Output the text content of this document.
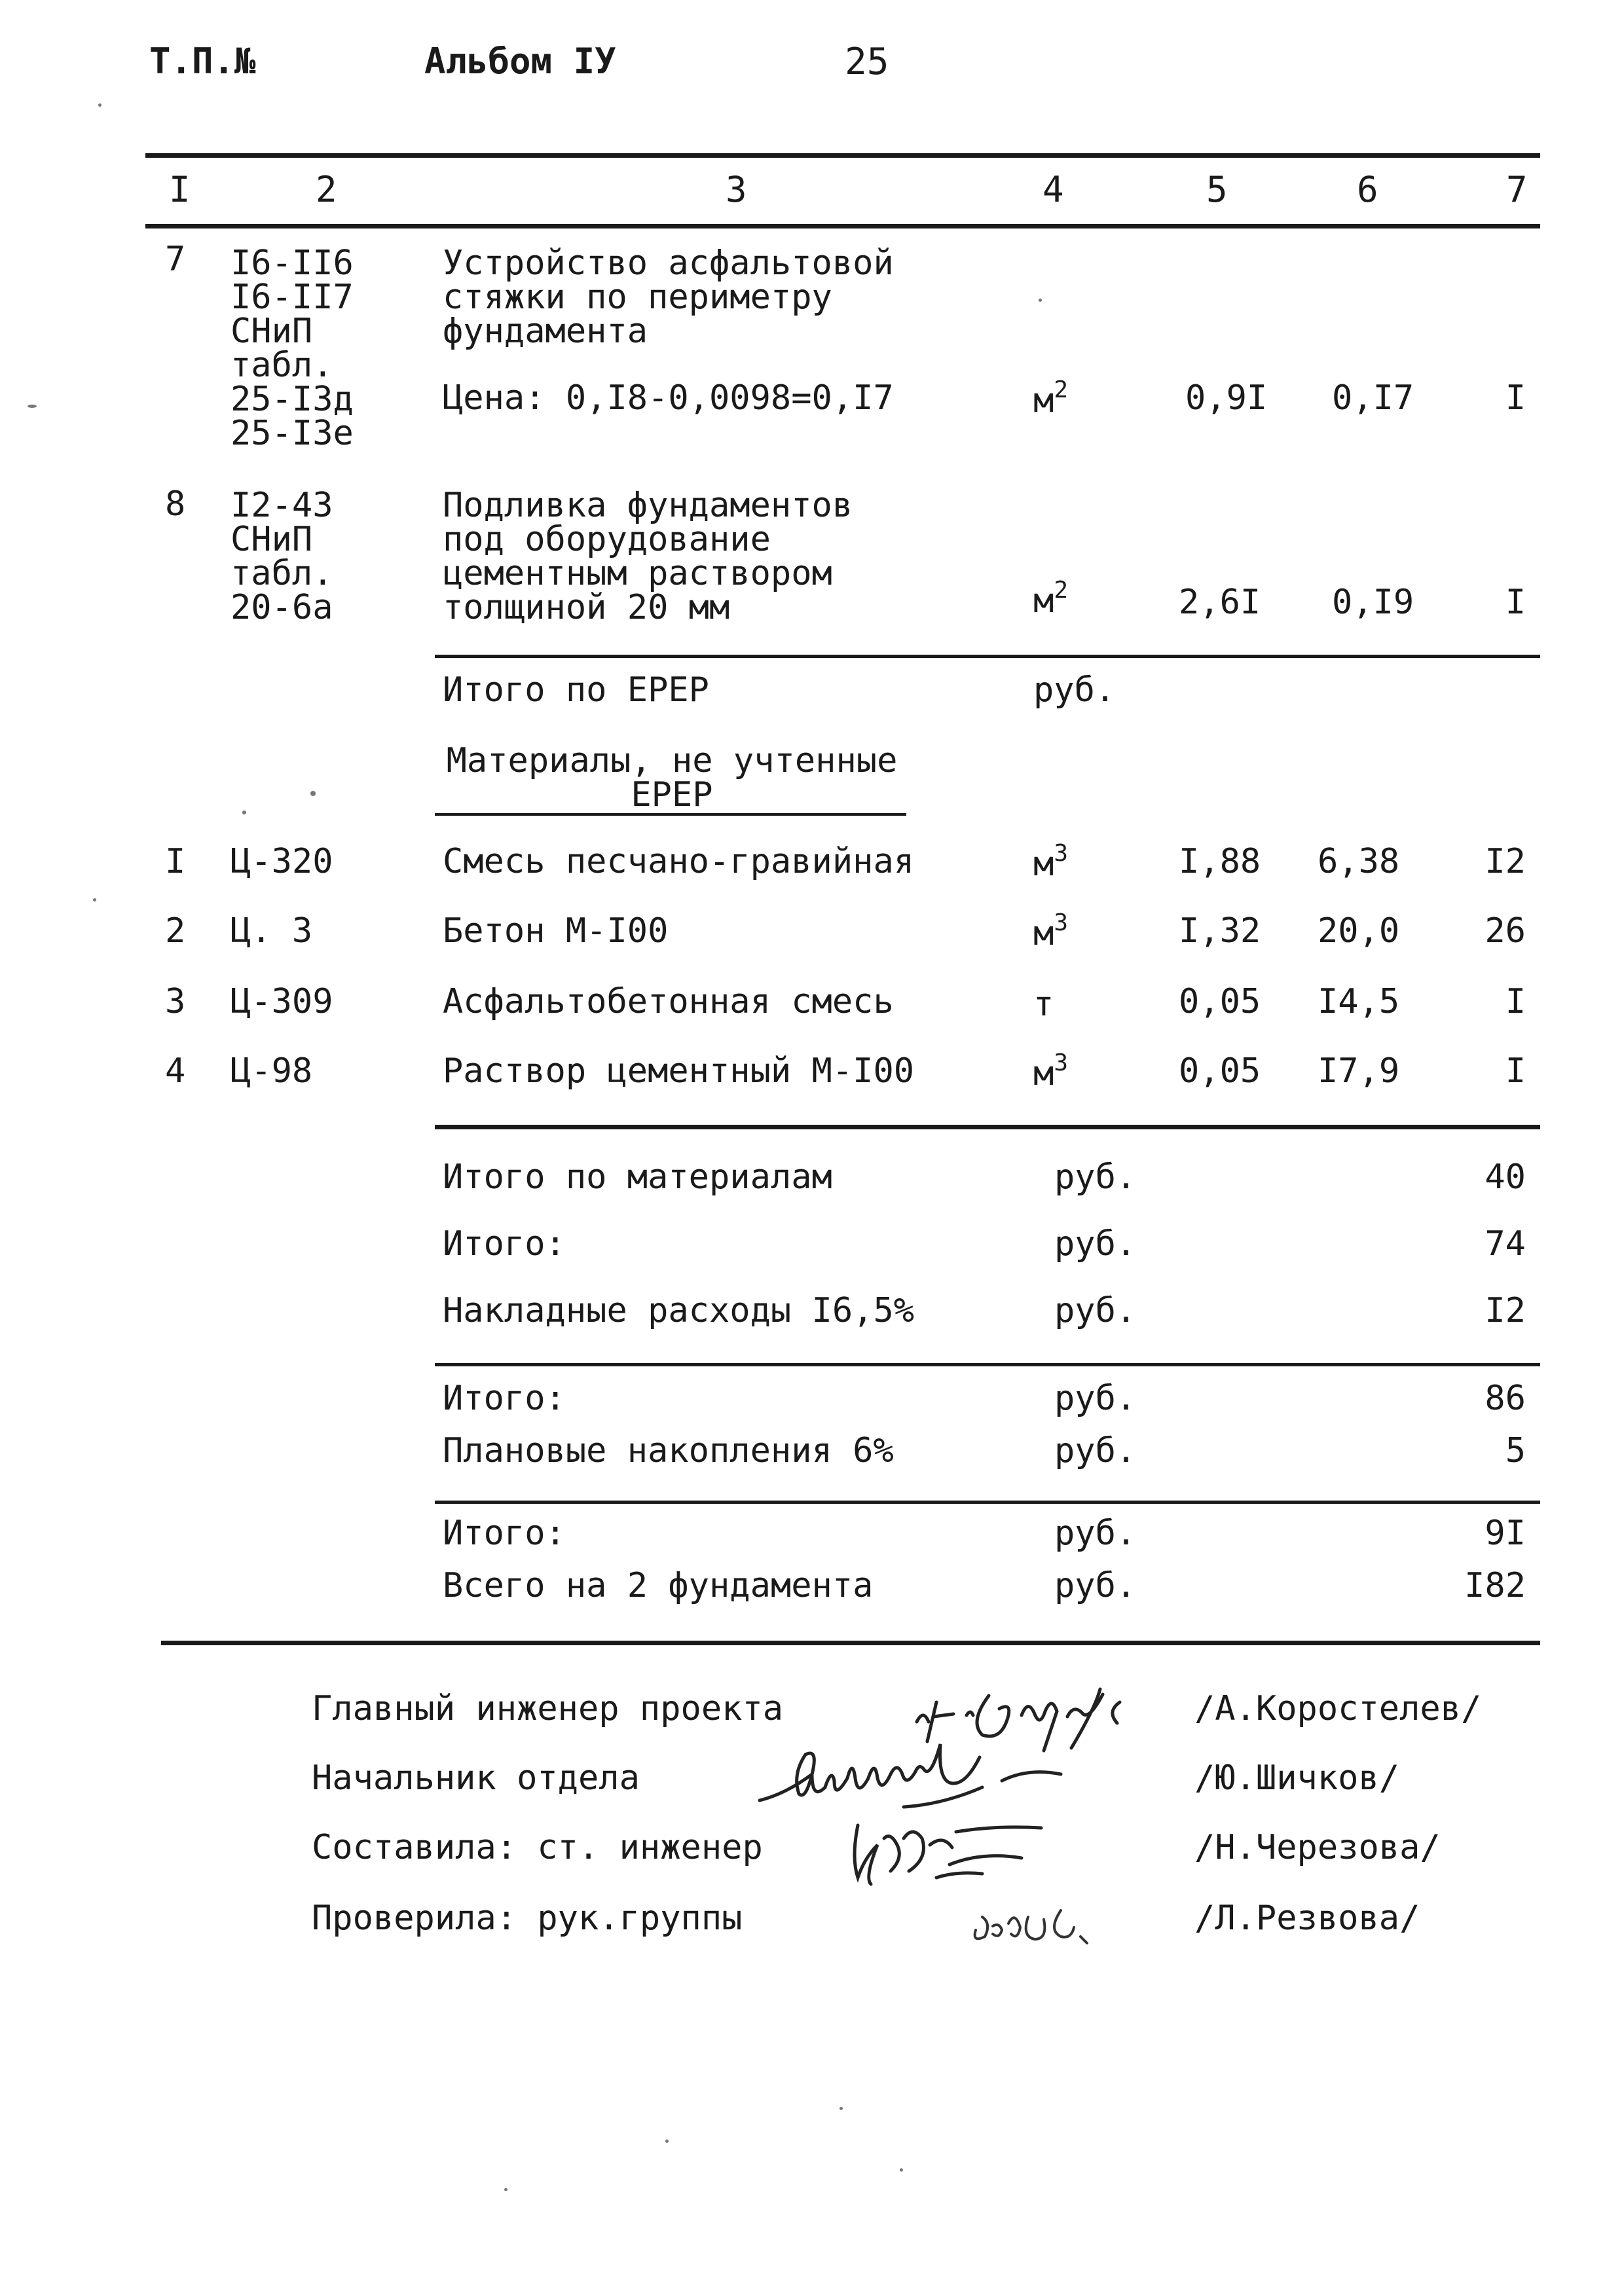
Т.П.№	Альбом IУ	25
I	2	3	4	5	6	7
7 I6-II6
I6-II7
СНиП
табл.
25-I3д
25-I3е
Устройство асфальтовой
стяжки по периметру
фундамента
Цена: 0,I8-0,0098=0,I7	$м^2$	0,9I 0,I7	I
8 I2-43
СНиП
табл.
20-6а
Подливка фундаментов
под оборудование
цементным раствором
толщиной 20 мм	$м^2$	2,6I 0,I9	I
Итого по ЕРЕР	руб.
Материалы, не учтенные
ЕРЕР
I Ц-320	Смесь песчано-гравийная	$м^3$	I,88 6,38	I2
2 Ц. 3	Бетон М-I00	$м^3$	I,32 20,0	26
3 Ц-309	Асфальтобетонная смесь	т	0,05 I4,5	I
4 Ц-98	Раствор цементный М-I00	$м^3$	0,05 I7,9	I
Итого по материалам	руб.	40
Итого:	руб.	74
Накладные расходы I6,5%	руб.	I2
Итого:	руб.	86
Плановые накопления 6%	руб.	5
Итого:	руб.	9I
Всего на 2 фундамента	руб.	I82
Главный инженер проекта	/А.Коростелев/
Начальник отдела	/Ю.Шичков/
Составила: ст. инженер	/Н.Черезова/
Проверила: рук.группы	/Л.Резвова/
